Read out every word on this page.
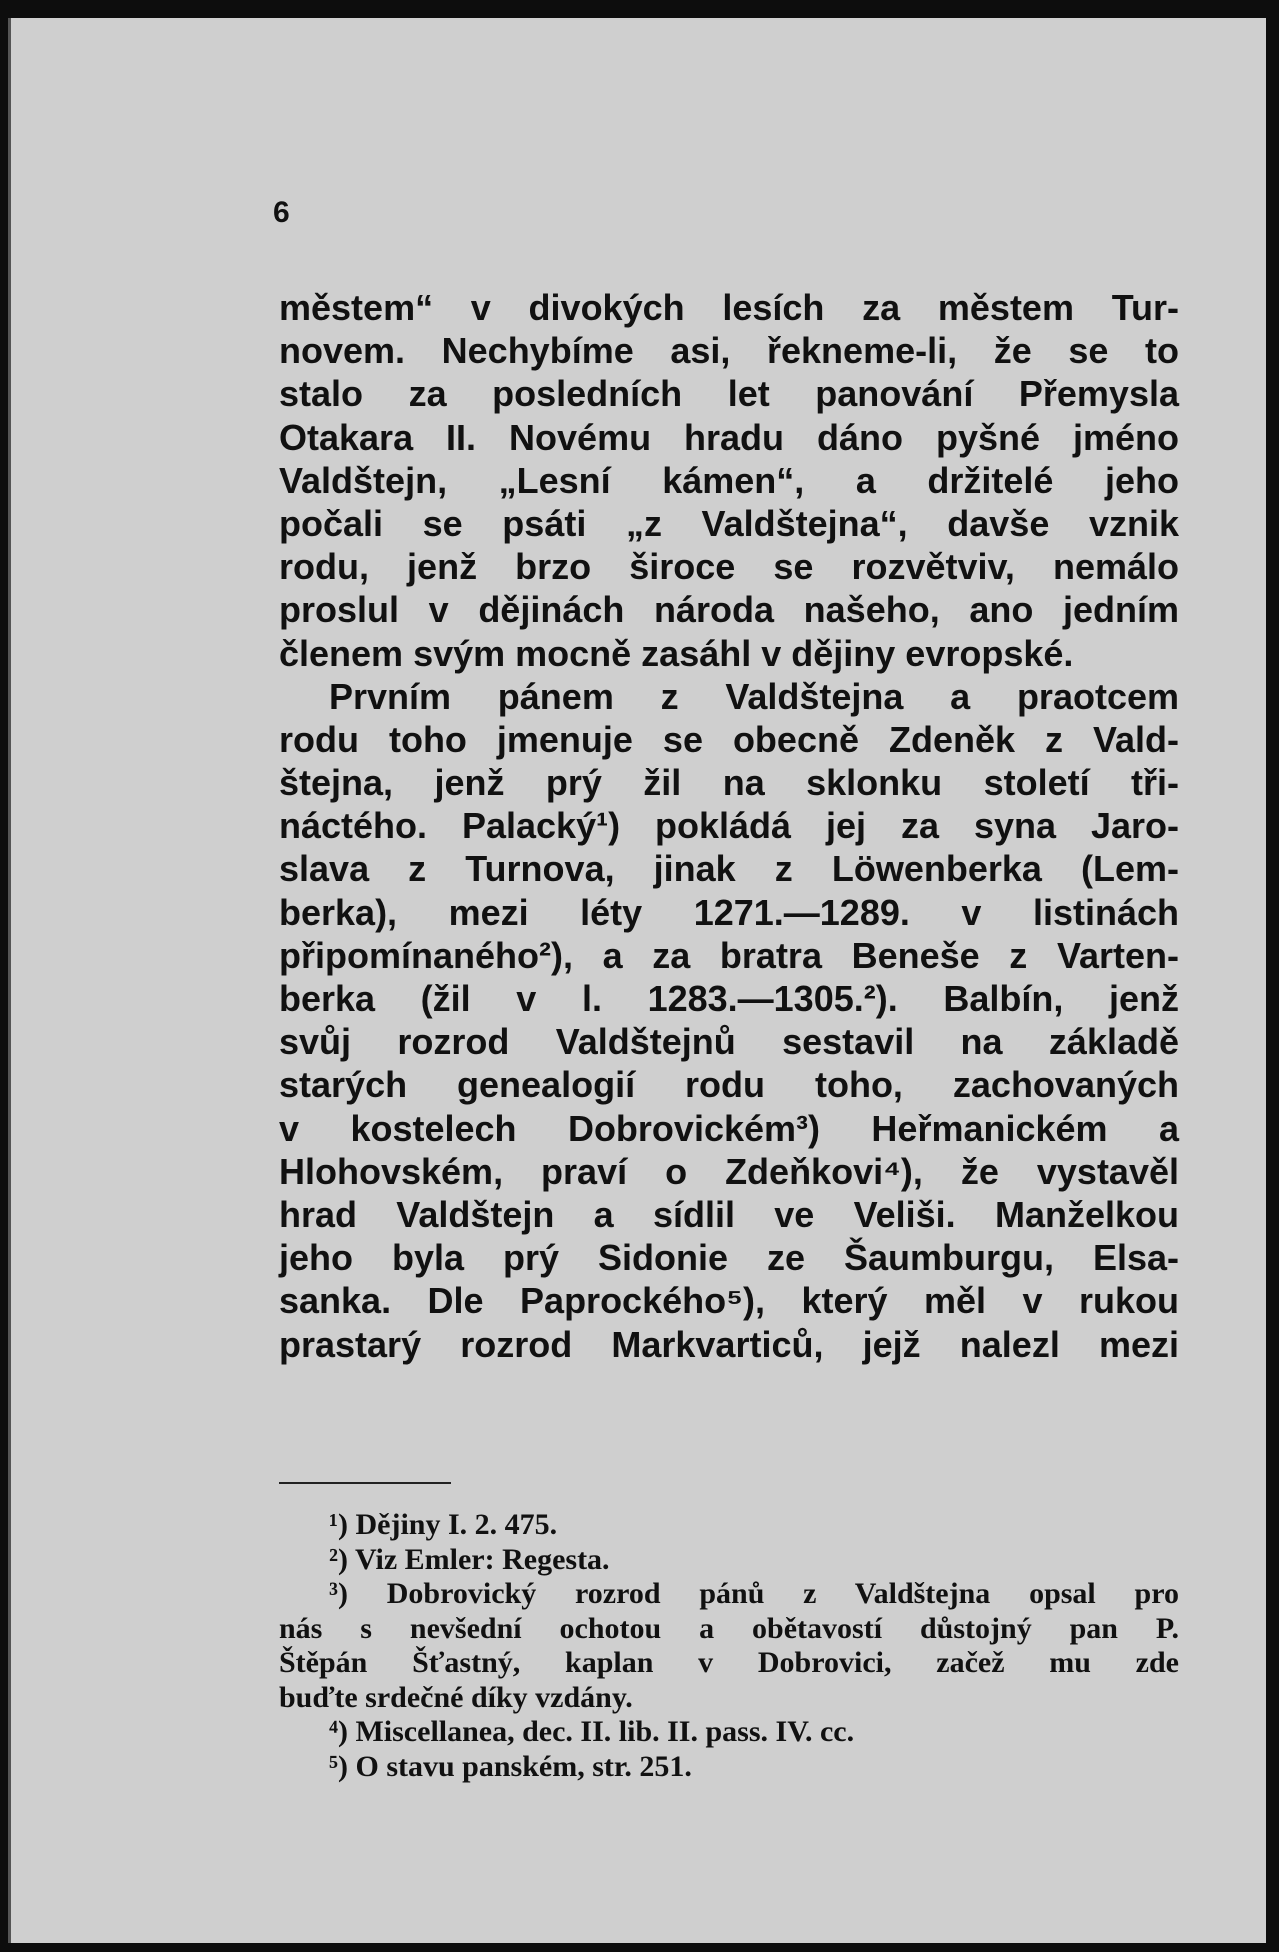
6
městem“ v divokých lesích za městem Tur-
novem. Nechybíme asi, řekneme-li, že se to
stalo za posledních let panování Přemysla
Otakara II. Novému hradu dáno pyšné jméno
Valdštejn, „Lesní kámen“, a držitelé jeho
počali se psáti „z Valdštejna“, davše vznik
rodu, jenž brzo široce se rozvětviv, nemálo
proslul v dějinách národa našeho, ano jedním
členem svým mocně zasáhl v dějiny evropské.
Prvním pánem z Valdštejna a praotcem
rodu toho jmenuje se obecně Zdeněk z Vald-
štejna, jenž prý žil na sklonku století tři-
náctého. Palacký¹) pokládá jej za syna Jaro-
slava z Turnova, jinak z Löwenberka (Lem-
berka), mezi léty 1271.—1289. v listinách
připomínaného²), a za bratra Beneše z Varten-
berka (žil v l. 1283.—1305.²). Balbín, jenž
svůj rozrod Valdštejnů sestavil na základě
starých genealogií rodu toho, zachovaných
v kostelech Dobrovickém³) Heřmanickém a
Hlohovském, praví o Zdeňkovi⁴), že vystavěl
hrad Valdštejn a sídlil ve Veliši. Manželkou
jeho byla prý Sidonie ze Šaumburgu, Elsa-
sanka. Dle Paprockého⁵), který měl v rukou
prastarý rozrod Markvarticů, jejž nalezl mezi
¹) Dějiny I. 2. 475.
²) Viz Emler: Regesta.
³) Dobrovický rozrod pánů z Valdštejna opsal pro
nás s nevšední ochotou a obětavostí důstojný pan P.
Štěpán Šťastný, kaplan v Dobrovici, začež mu zde
buďte srdečné díky vzdány.
⁴) Miscellanea, dec. II. lib. II. pass. IV. cc.
⁵) O stavu panském, str. 251.
